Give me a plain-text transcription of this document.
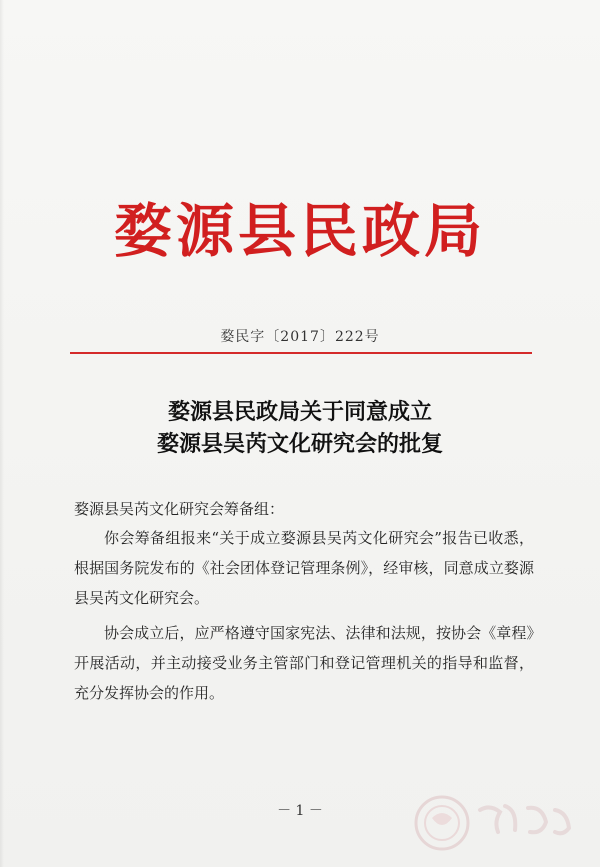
婺源县民政局
婺民字〔2017〕222号
婺源县民政局关于同意成立
婺源县吴芮文化研究会的批复
婺源县吴芮文化研究会筹备组：
你会筹备组报来“关于成立婺源县吴芮文化研究会”报告已收悉，根据国务院发布的《社会团体登记管理条例》，经审核，同意成立婺源县吴芮文化研究会。
协会成立后，应严格遵守国家宪法、法律和法规，按协会《章程》开展活动，并主动接受业务主管部门和登记管理机关的指导和监督，充分发挥协会的作用。
－ 1 －
